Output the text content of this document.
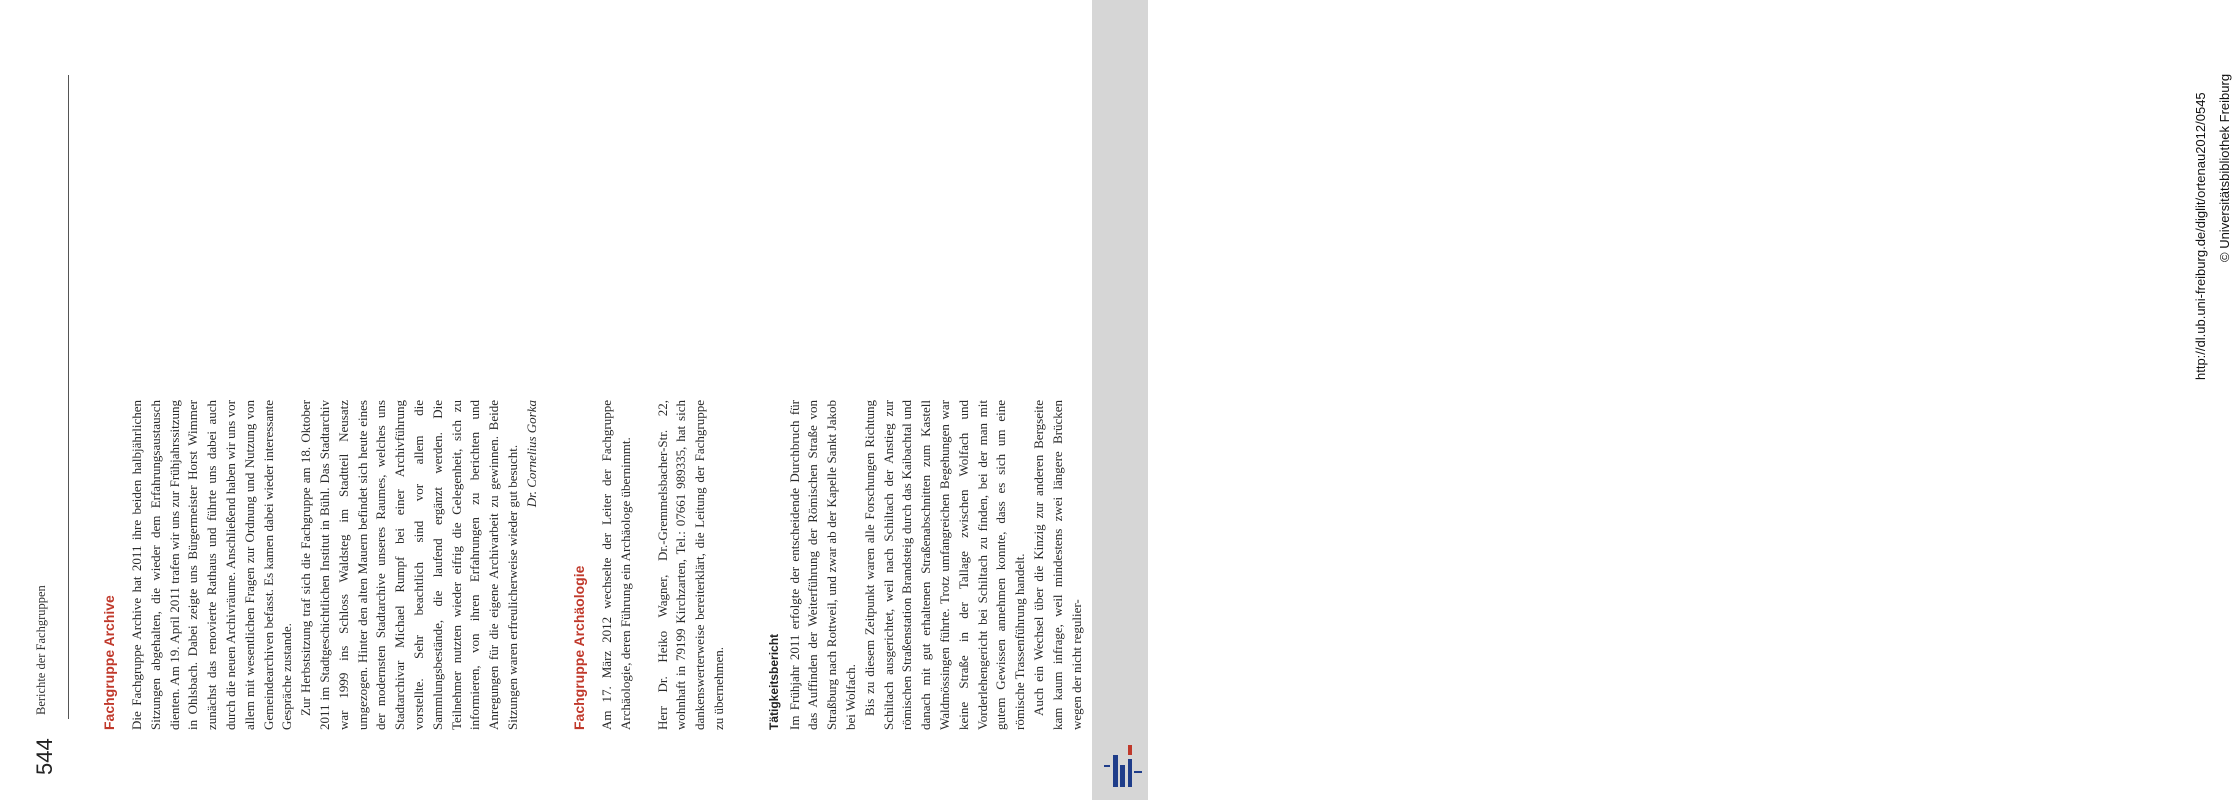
544
Berichte der Fachgruppen	Fachgruppe Archive Die Fachgruppe Archive hat 2011 ihre beiden halbjährlichen Sitzungen abgehalten, die wieder dem Erfahrungsaustausch dienten. Am 19. April 2011 trafen wir uns zur Frühjahrssitzung in Ohlsbach. Dabei zeigte uns Bürgermeister Horst Wimmer zunächst das renovierte Rathaus und führte uns dabei auch durch die neuen Archivräume. Anschließend haben wir uns vor allem mit wesentlichen Fragen zur Ordnung und Nutzung von Gemeindearchiven befasst. Es kamen dabei wieder interessante Gespräche zustande. Zur Herbstsitzung traf sich die Fachgruppe am 18. Oktober 2011 im Stadtgeschichtlichen Institut in Bühl. Das Stadtarchiv war 1999 ins Schloss Waldsteg im Stadtteil Neusatz umgezogen. Hinter den alten Mauern befindet sich heute eines der modernsten Stadtarchive unseres Raumes, welches uns Stadtarchivar Michael Rumpf bei einer Archivführung vorstellte. Sehr beachtlich sind vor allem die Sammlungsbestände, die laufend ergänzt werden. Die Teilnehmer nutzten wieder eifrig die Gelegenheit, sich zu informieren, von ihren Erfahrungen zu berichten und Anregungen für die eigene Archivarbeit zu gewinnen. Beide Sitzungen waren erfreulicherweise wieder gut besucht. Dr. Cornelius Gorka

Fachgruppe Archäologie Am 17. März 2012 wechselte der Leiter der Fachgruppe Archäologie, deren Führung ein Archäologe übernimmt. Herr Dr. Heiko Wagner, Dr.-Gremmelsbacher-Str. 22, wohnhaft in 79199 Kirchzarten, Tel.: 07661 989335, hat sich dankenswerterweise bereiterklärt, die Leitung der Fachgruppe zu übernehmen.	Tätigkeitsbericht Im Frühjahr 2011 erfolgte der entscheidende Durchbruch für das Auffinden der Weiterführung der Römischen Straße von Straßburg nach Rottweil, und zwar ab der Kapelle Sankt Jakob bei Wolfach. Bis zu diesem Zeitpunkt waren alle Forschungen Richtung Schiltach ausgerichtet, weil nach Schiltach der Anstieg zur römischen Straßenstation Brandsteig durch das Kaibachtal und danach mit gut erhaltenen Straßenabschnitten zum Kastell Waldmössingen führte. Trotz umfangreichen Begehungen war keine Straße in der Tallage zwischen Wolfach und Vorderlehengericht bei Schiltach zu finden, bei der man mit gutem Gewissen annehmen konnte, dass es sich um eine römische Trassenführung handelt. Auch ein Wechsel über die Kinzig zur anderen Bergseite kam kaum infrage, weil mindestens zwei längere Brücken wegen der nicht regulier-

http://dl.ub.uni-freiburg.de/diglit/ortenau2012/0545 © Universitätsbibliothek Freiburg
